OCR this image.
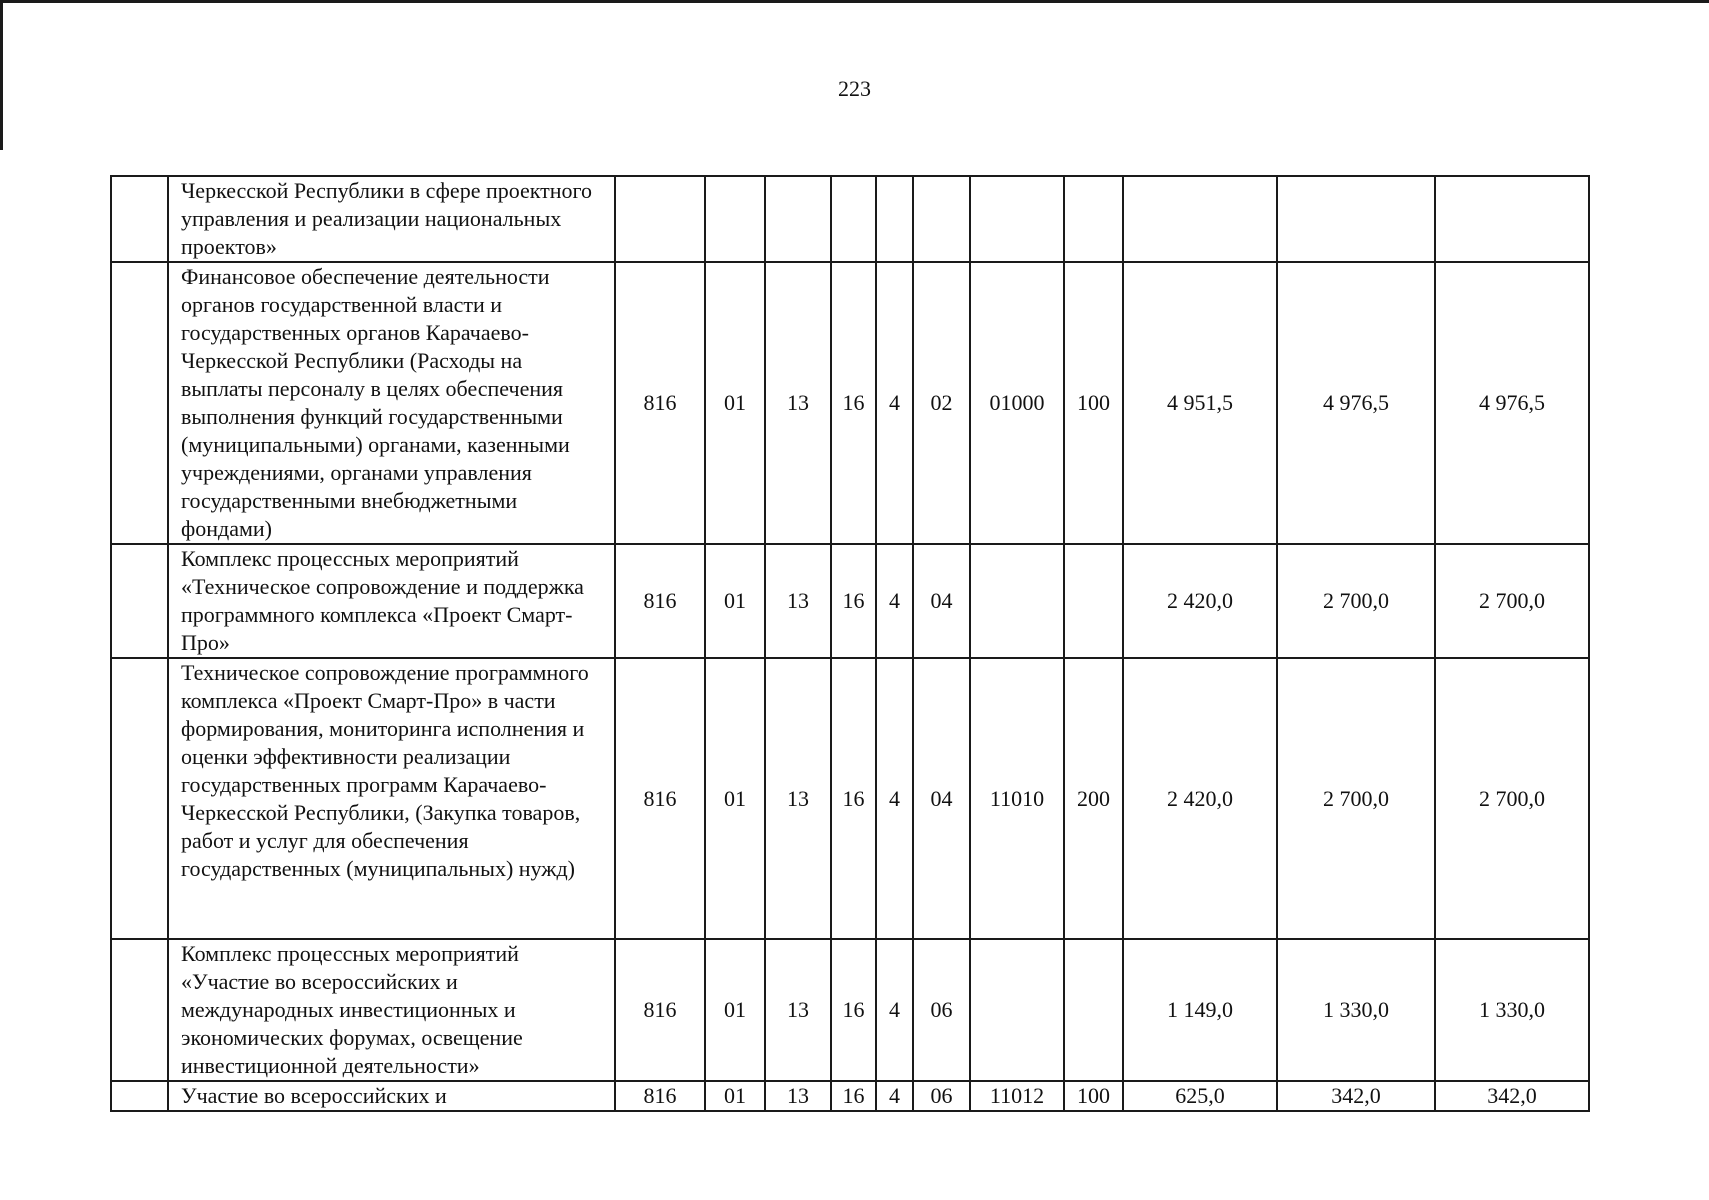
223
	Черкесской Республики в сфере проектного управления и реализации национальных проектов»											
	Финансовое обеспечение деятельности органов государственной власти и государственных органов Карачаево-Черкесской Республики (Расходы на выплаты персоналу в целях обеспечения выполнения функций государственными (муниципальными) органами, казенными учреждениями, органами управления государственными внебюджетными фондами)	816	01	13	16	4	02	01000	100	4 951,5	4 976,5	4 976,5
	Комплекс процессных мероприятий «Техническое сопровождение и поддержка программного комплекса «Проект Смарт-Про»	816	01	13	16	4	04			2 420,0	2 700,0	2 700,0
	Техническое сопровождение программного комплекса «Проект Смарт-Про» в части формирования, мониторинга исполнения и оценки эффективности реализации государственных программ Карачаево-Черкесской Республики, (Закупка товаров, работ и услуг для обеспечения государственных (муниципальных) нужд)	816	01	13	16	4	04	11010	200	2 420,0	2 700,0	2 700,0
	Комплекс процессных мероприятий «Участие во всероссийских и международных инвестиционных и экономических форумах, освещение инвестиционной деятельности»	816	01	13	16	4	06			1 149,0	1 330,0	1 330,0
	Участие во всероссийских и	816	01	13	16	4	06	11012	100	625,0	342,0	342,0
